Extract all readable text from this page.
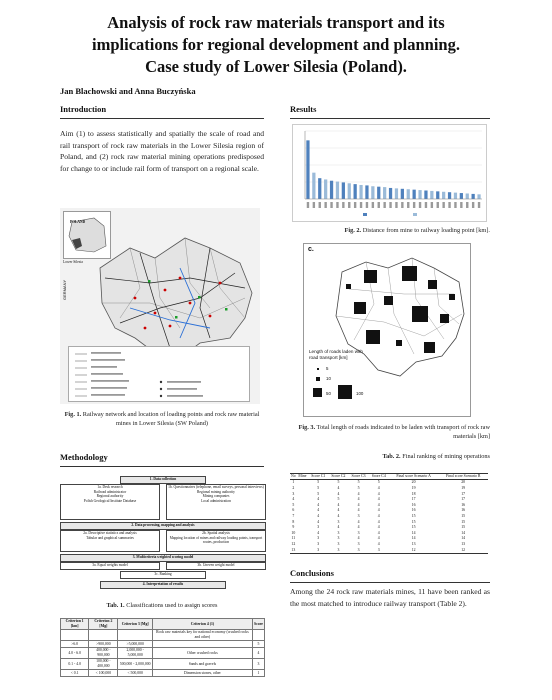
Analysis of rock raw materials transport and its
implications for regional development and planning.
Case study of Lower Silesia (Poland).
Jan Blachowski and Anna Buczyńska
Introduction
Aim (1) to assess statistically and spatially the scale of road and rail transport of rock raw materials in the Lower Silesia region of Poland, and (2) rock raw material mining operations predisposed for change to or include rail form of transport on a regional scale.
GERMANY
POLAND
Lower Silesia
Fig. 1. Railway network and location of loading points and rock raw material mines in Lower Silesia (SW Poland)
Methodology
1. Data collection
1a. Desk research
Railroad administrator
Regional authority
Polish Geological Institute Database
1b. Questionnaires (telephone, email surveys, personal interviews)
Regional mining authority
Mining companies
Local administration
2. Data processing, mapping and analysis
2a. Descriptive statistics and analysis
Tabular and graphical summaries
2b. Spatial analysis
Mapping location of mines and railway loading points, transport routes, production
3. Multicriteria weighted scoring model
3a. Equal weights model	3b. Uneven weight model
3c. Ranking
4. Interpretation of results
Tab. 1. Classifications used to assign scores
Criterion 1 [km]	Criterion 2 [Mg]	Criterion 3 [Mg]	Criterion 4 (1)	Score
			Rock raw materials key for national economy (crushed rocks and other)	
>6.0	>900,000	>5,000,000		5
4.0 - 6.0	400,000 - 900,000	2,000,000 - 5,000,000	Other crushed rocks	4
0.1 - 4.0	100,000 - 400,000	500,000 - 2,000,000	Sands and gravels	3
< 0.1	< 100,000	< 500,000	Dimension stones, other	1
Results
Fig. 2. Distance from mine to railway loading point [km].
c.
Length of roads laden with road transport [km]
5
10
50	100
Fig. 3. Total length of roads indicated to be laden with transport of rock raw materials [km]
Tab. 2. Final ranking of mining operations
No	Mine	Score C1	Score C2	Score C3	Score C4	Final score Scenario A	Final score Scenario B
1		5	5	5	5	20	20
2		5	4	5	4	19	19
3		5	4	4	4	18	17
4		4	5	4	4	17	17
5		4	4	4	4	16	16
6		4	4	4	4	16	16
7		4	4	3	4	15	15
8		4	3	4	4	15	15
9		3	4	4	4	15	15
10		4	3	3	4	14	14
11		3	3	4	4	14	14
12		3	3	3	4	13	13
13		3	3	3	3	12	12
Conclusions
Among the 24 rock raw materials mines, 11 have been ranked as the most matched to introduce railway transport (Table 2).
